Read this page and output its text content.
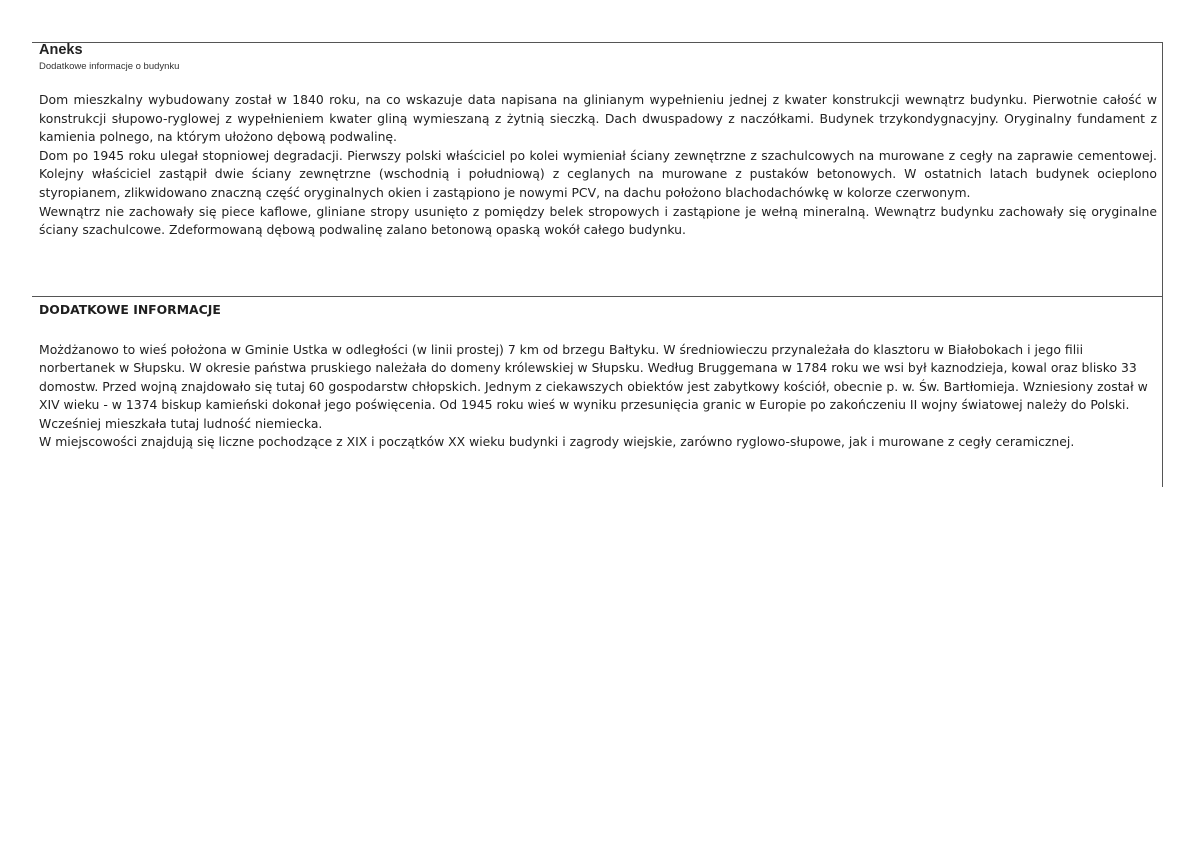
Aneks
Dodatkowe informacje o budynku

Dom mieszkalny wybudowany został w 1840 roku, na co wskazuje data napisana na glinianym wypełnieniu jednej z kwater konstrukcji wewnątrz budynku. Pierwotnie całość w konstrukcji słupowo-ryglowej z wypełnieniem kwater gliną wymieszaną z żytnią sieczką. Dach dwuspadowy z naczółkami. Budynek trzykondygnacyjny. Oryginalny fundament z kamienia polnego, na którym ułożono dębową podwalinę.

Dom po 1945 roku ulegał stopniowej degradacji. Pierwszy polski właściciel po kolei wymieniał ściany zewnętrzne z szachulcowych na murowane z cegły na zaprawie cementowej. Kolejny właściciel zastąpił dwie ściany zewnętrzne (wschodnią i południową) z ceglanych na murowane z pustaków betonowych. W ostatnich latach budynek ocieplono styropianem, zlikwidowano znaczną część oryginalnych okien i zastąpiono je nowymi PCV, na dachu położono blachodachówkę w kolorze czerwonym.

Wewnątrz nie zachowały się piece kaflowe, gliniane stropy usunięto z pomiędzy belek stropowych i zastąpione je wełną mineralną. Wewnątrz budynku zachowały się oryginalne ściany szachulcowe. Zdeformowaną dębową podwalinę zalano betonową opaską wokół całego budynku.

DODATKOWE INFORMACJE

Możdżanowo to wieś położona w Gminie Ustka w odległości (w linii prostej) 7 km od brzegu Bałtyku. W średniowieczu przynależała do klasztoru w Białobokach i jego filii norbertanek w Słupsku. W okresie państwa pruskiego należała do domeny królewskiej w Słupsku. Według Bruggemana w 1784 roku we wsi był kaznodzieja, kowal oraz blisko 33 domostw. Przed wojną znajdowało się tutaj 60 gospodarstw chłopskich. Jednym z ciekawszych obiektów jest zabytkowy kościół, obecnie p. w. Św. Bartłomieja. Wzniesiony został w XIV wieku - w 1374 biskup kamieński dokonał jego poświęcenia. Od 1945 roku wieś w wyniku przesunięcia granic w Europie po zakończeniu II wojny światowej należy do Polski. Wcześniej mieszkała tutaj ludność niemiecka.

W miejscowości znajdują się liczne pochodzące z XIX i początków XX wieku budynki i zagrody wiejskie, zarówno ryglowo-słupowe, jak i murowane z cegły ceramicznej.
